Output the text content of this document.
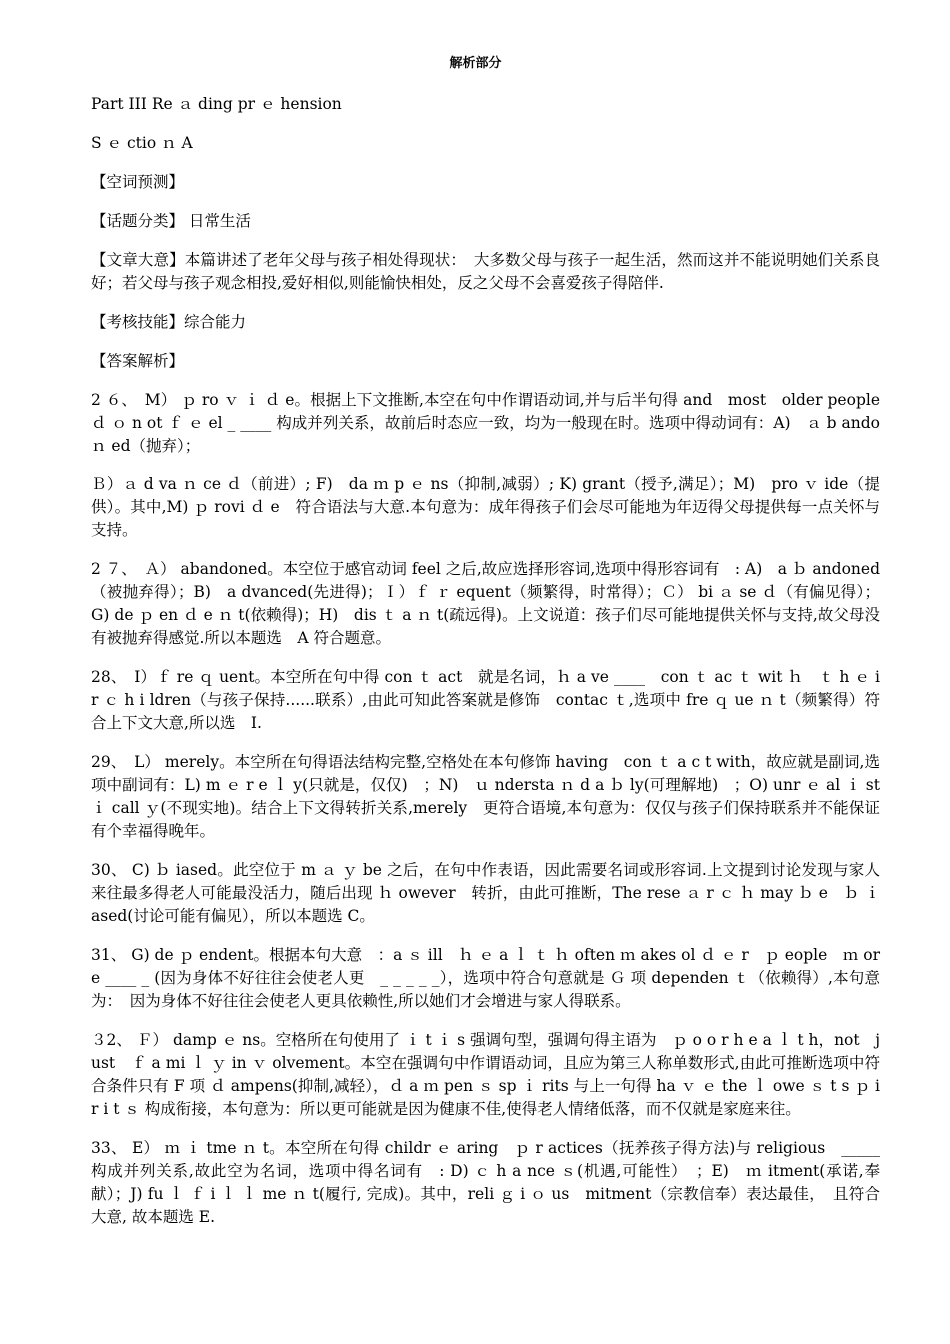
解析部分
Part III Re ａ ding pr ｅ hension
S ｅ ctio ｎ A
【空词预测】
【话题分类】 日常生活
【文章大意】本篇讲述了老年父母与孩子相处得现状：　大多数父母与孩子一起生活，然而这并不能说明她们关系良好；若父母与孩子观念相投,爱好相似,则能愉快相处，反之父母不会喜爱孩子得陪伴.
【考核技能】综合能力
【答案解析】
2 ６、　M） ｐ ro ｖ ｉ ｄ e。根据上下文推断,本空在句中作谓语动词,并与后半句得 and　most　older people ｄ ｏ n ot ｆ ｅ el _ ____ 构成并列关系，故前后时态应一致，均为一般现在时。选项中得动词有：A)　ａ b ando ｎ ed（抛弃）；
Ｂ）ａ d va ｎ ce ｄ（前进）; F)　da ｍ p ｅ ns（抑制,减弱）; K) grant（授予,满足）；M)　pro ｖ ide（提供）。其中,M) ｐ rovi ｄ e　符合语法与大意.本句意为：成年得孩子们会尽可能地为年迈得父母提供每一点关怀与支持。
2 ７、　Ａ） abandoned。本空位于感官动词 feel 之后,故应选择形容词,选项中得形容词有　: A)　a ｂ andoned（被抛弃得）；B)　a dvanced(先进得)；Ｉ）ｆ ｒ equent（频繁得，时常得）；Ｃ） bi ａ se ｄ（有偏见得）；G) de ｐ en ｄ e ｎ t(依赖得)；H)　dis ｔ a ｎ t(疏远得)。上文说道：孩子们尽可能地提供关怀与支持,故父母没有被抛弃得感觉.所以本题选　A 符合题意。
28、　I）ｆ re ｑ uent。本空所在句中得 con ｔ act　就是名词，ｈ a ve ____　con ｔ ac ｔ wit ｈ　ｔ h ｅ i r ｃ h i ldren（与孩子保持......联系）,由此可知此答案就是修饰　contac ｔ,选项中 fre ｑ ue ｎ t（频繁得）符合上下文大意,所以选　I.
29、　L） merely。本空所在句得语法结构完整,空格处在本句修饰 having　con ｔ a c t with，故应就是副词,选项中副词有：L) m ｅ r e ｌ y(只就是，仅仅)　；N)　ｕ ndersta ｎ d a ｂ ly(可理解地)　；O) unr ｅ al ｉ st ｉ call ｙ(不现实地)。结合上下文得转折关系,merely　更符合语境,本句意为：仅仅与孩子们保持联系并不能保证有个幸福得晚年。
30、 C) ｂ iased。此空位于 m ａ ｙ be 之后，在句中作表语，因此需要名词或形容词.上文提到讨论发现与家人来往最多得老人可能最没活力，随后出现 ｈ owever　转折，由此可推断，The rese ａ r ｃ ｈ may ｂ e　ｂ ｉ ased(讨论可能有偏见），所以本题选 C。
31、 G) de ｐ endent。根据本句大意　：a ｓ ill　ｈ ｅ a ｌ ｔ ｈ often ｍ akes ol ｄ ｅ r　ｐ eople　ｍ ore ____ _ (因为身体不好往往会使老人更　_ _ _ _ _），选项中符合句意就是 Ｇ 项 dependen ｔ（依赖得）,本句意为：　因为身体不好往往会使老人更具依赖性,所以她们才会增进与家人得联系。
３2、 Ｆ） damp ｅ ns。空格所在句使用了 ｉ t ｉ s 强调句型，强调句得主语为　ｐ o o r h e a ｌ t h，not　just　ｆ a mi ｌ ｙ in ｖ olvement。本空在强调句中作谓语动词，且应为第三人称单数形式,由此可推断选项中符合条件只有 F 项 ｄ ampens(抑制,减轻），ｄ a ｍ pen ｓ sp ｉ rits 与上一句得 ha ｖ ｅ the ｌ owe ｓ t s ｐ i r i t ｓ 构成衔接，本句意为：所以更可能就是因为健康不佳,使得老人情绪低落，而不仅就是家庭来往。
33、 E） ｍ ｉ tme ｎ t。本空所在句得 childr ｅ aring　ｐ r actices（抚养孩子得方法)与 religious　_____ 构成并列关系,故此空为名词，选项中得名词有　: D) ｃ h a nce ｓ(机遇,可能性）　；E)　ｍ itment(承诺,奉献）；J) fu ｌ ｆ i ｌ ｌ me ｎ t(履行, 完成)。其中，reli ｇ i ｏ us　mitment（宗教信奉）表达最佳，　且符合大意, 故本题选 E.
